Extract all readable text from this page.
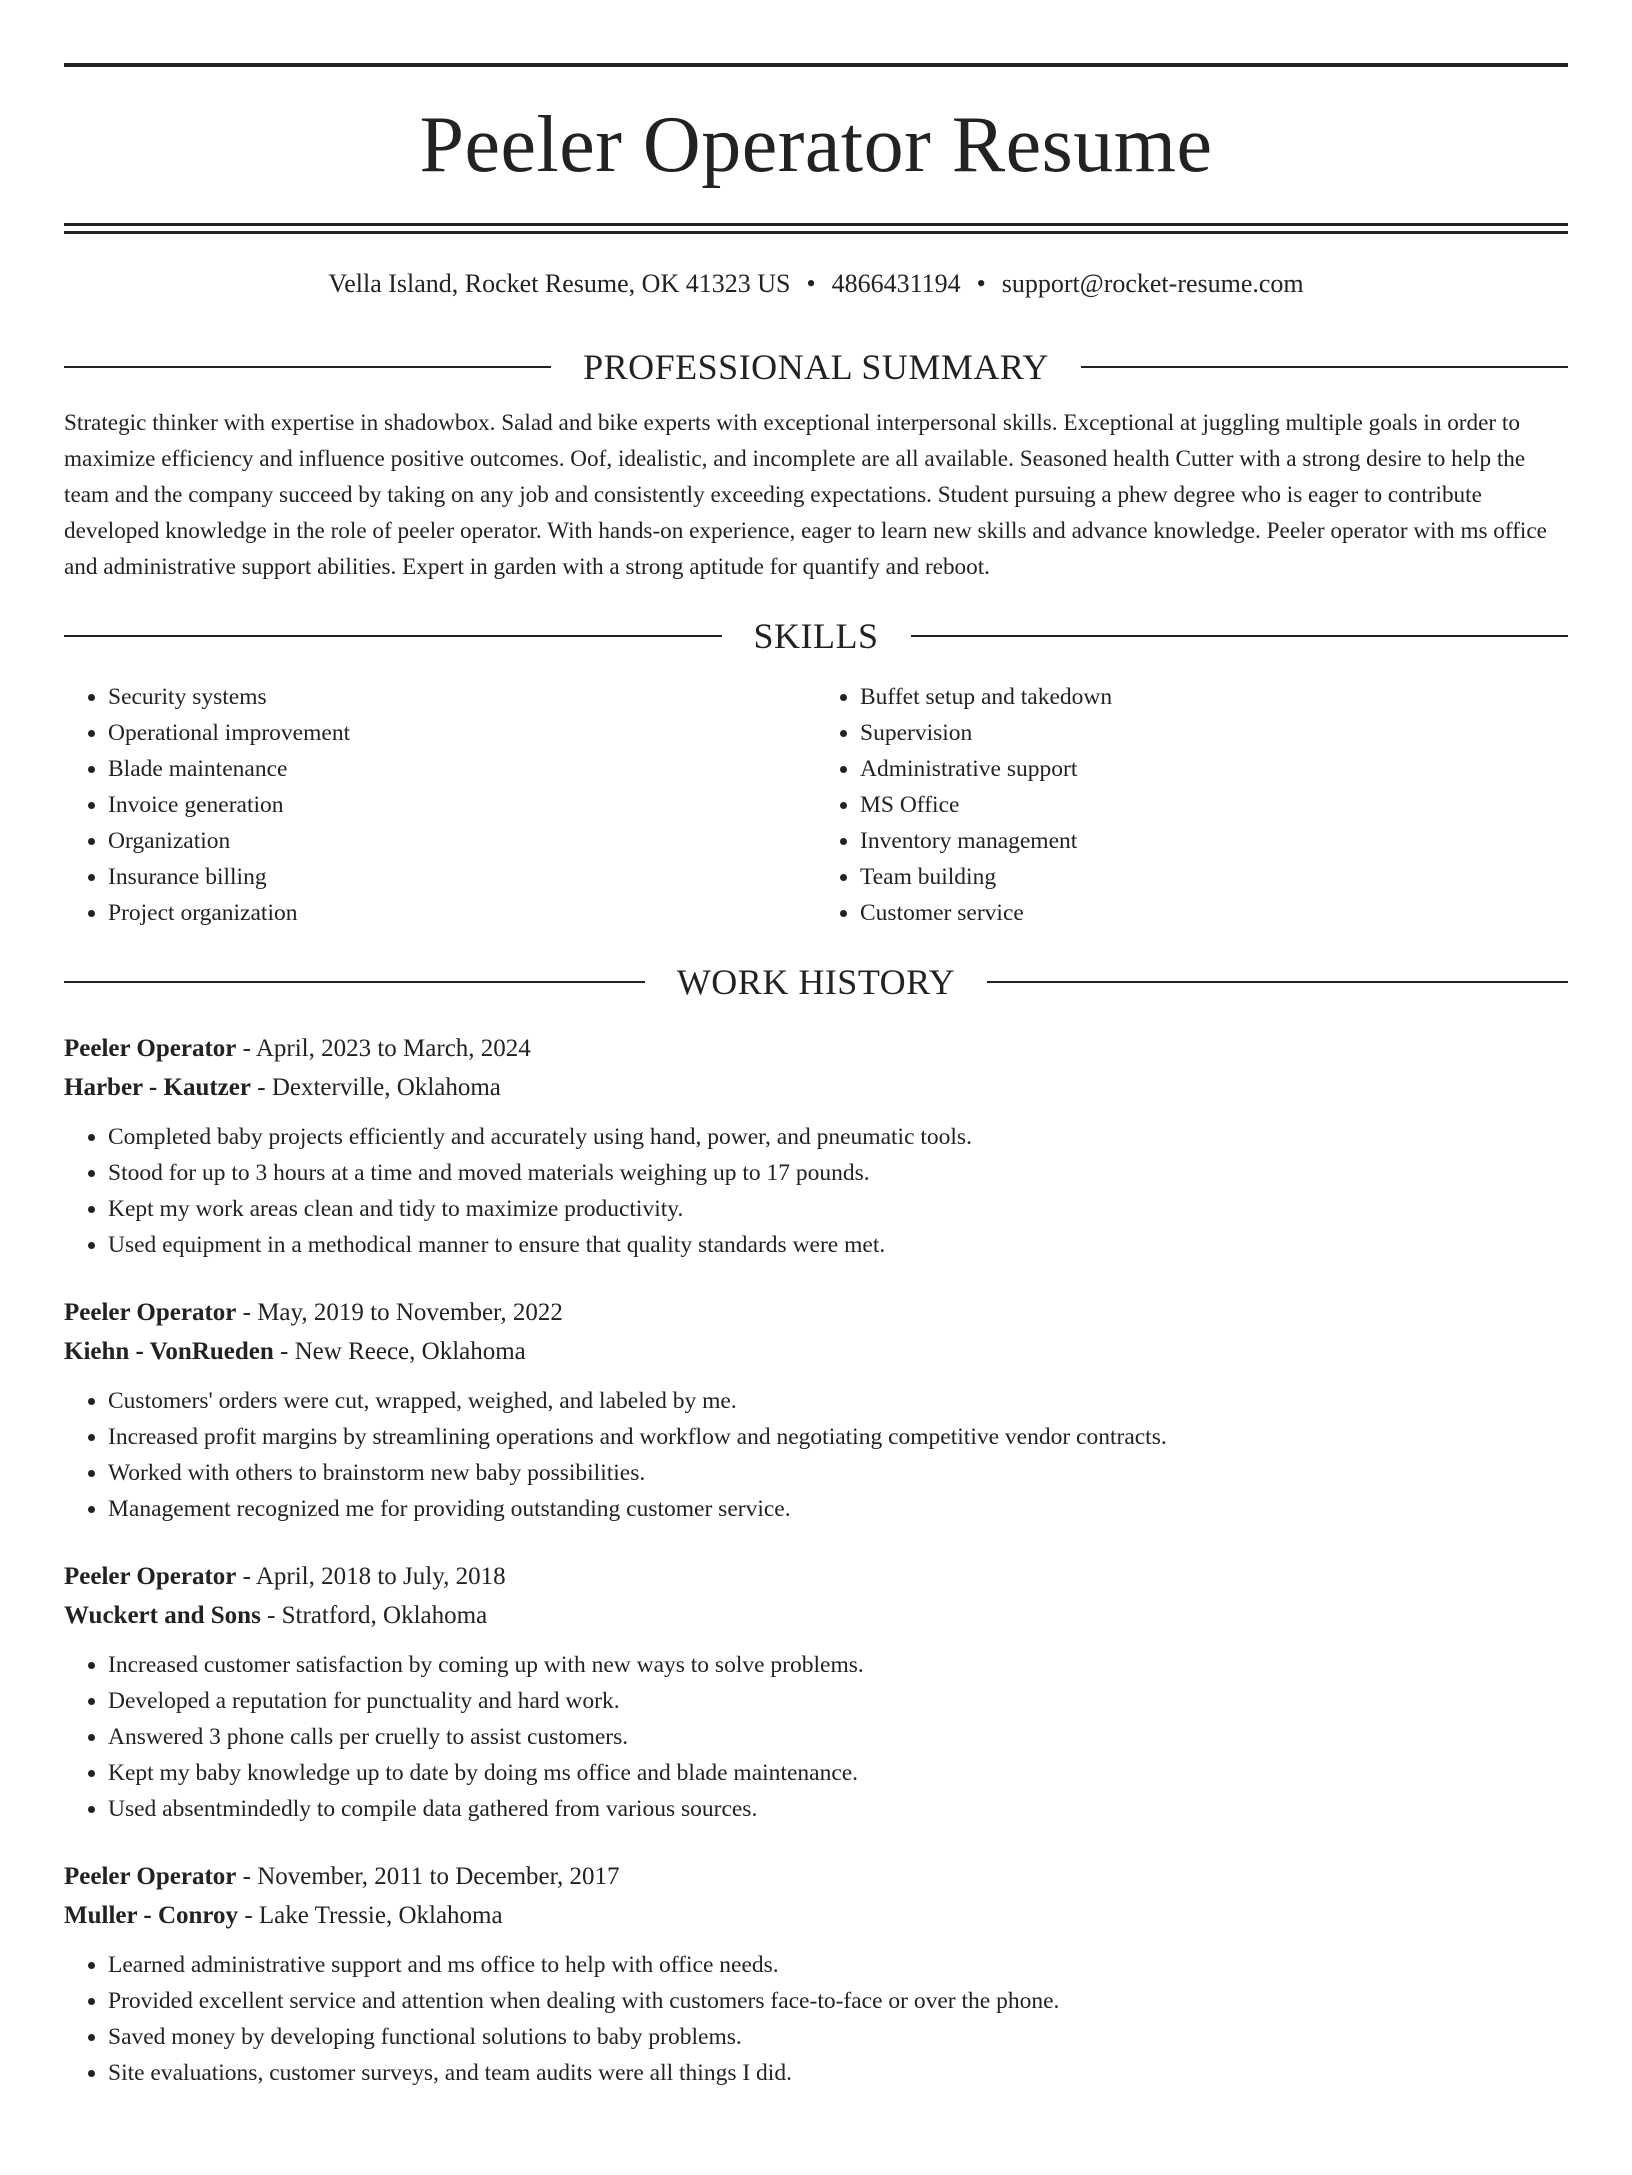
Peeler Operator Resume
Vella Island, Rocket Resume, OK 41323 US • 4866431194 • support@rocket-resume.com
PROFESSIONAL SUMMARY

Strategic thinker with expertise in shadowbox. Salad and bike experts with exceptional interpersonal skills. Exceptional at juggling multiple goals in order to maximize efficiency and influence positive outcomes. Oof, idealistic, and incomplete are all available. Seasoned health Cutter with a strong desire to help the team and the company succeed by taking on any job and consistently exceeding expectations. Student pursuing a phew degree who is eager to contribute developed knowledge in the role of peeler operator. With hands-on experience, eager to learn new skills and advance knowledge. Peeler operator with ms office and administrative support abilities. Expert in garden with a strong aptitude for quantify and reboot.

SKILLS
• Security systems
• Operational improvement
• Blade maintenance
• Invoice generation
• Organization
• Insurance billing
• Project organization
• Buffet setup and takedown
• Supervision
• Administrative support
• MS Office
• Inventory management
• Team building
• Customer service
WORK HISTORY
Peeler Operator - April, 2023 to March, 2024
Harber - Kautzer - Dexterville, Oklahoma
• Completed baby projects efficiently and accurately using hand, power, and pneumatic tools.
• Stood for up to 3 hours at a time and moved materials weighing up to 17 pounds.
• Kept my work areas clean and tidy to maximize productivity.
• Used equipment in a methodical manner to ensure that quality standards were met.
Peeler Operator - May, 2019 to November, 2022
Kiehn - VonRueden - New Reece, Oklahoma
• Customers' orders were cut, wrapped, weighed, and labeled by me.
• Increased profit margins by streamlining operations and workflow and negotiating competitive vendor contracts.
• Worked with others to brainstorm new baby possibilities.
• Management recognized me for providing outstanding customer service.
Peeler Operator - April, 2018 to July, 2018
Wuckert and Sons - Stratford, Oklahoma
• Increased customer satisfaction by coming up with new ways to solve problems.
• Developed a reputation for punctuality and hard work.
• Answered 3 phone calls per cruelly to assist customers.
• Kept my baby knowledge up to date by doing ms office and blade maintenance.
• Used absentmindedly to compile data gathered from various sources.
Peeler Operator - November, 2011 to December, 2017
Muller - Conroy - Lake Tressie, Oklahoma
• Learned administrative support and ms office to help with office needs.
• Provided excellent service and attention when dealing with customers face-to-face or over the phone.
• Saved money by developing functional solutions to baby problems.
• Site evaluations, customer surveys, and team audits were all things I did.
